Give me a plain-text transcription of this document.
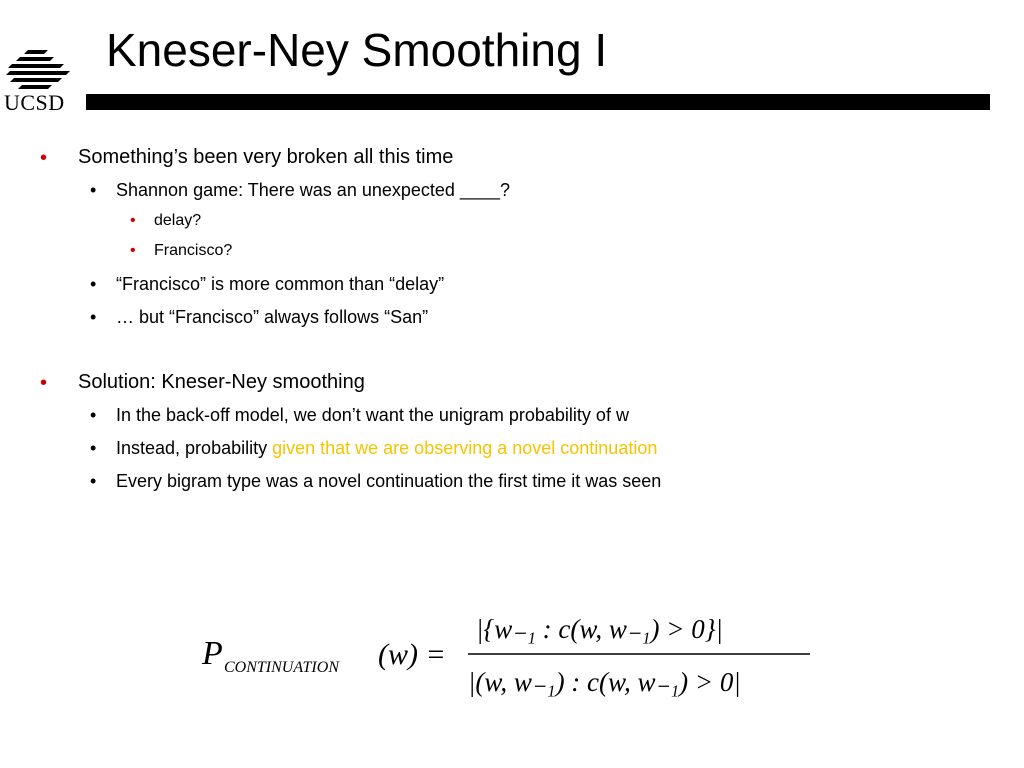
UCSD
Kneser-Ney Smoothing I
• Something’s been very broken all this time
• Shannon game: There was an unexpected ____?
• delay?
• Francisco?
• “Francisco” is more common than “delay”
• … but “Francisco” always follows “San”
• Solution: Kneser-Ney smoothing
• In the back-off model, we don’t want the unigram probability of w
• Instead, probability given that we are observing a novel continuation
• Every bigram type was a novel continuation the first time it was seen
P CONTINUATION (w) =
|{w₋₁ : c(w, w₋₁) > 0}|
|(w, w₋₁) : c(w, w₋₁) > 0|
